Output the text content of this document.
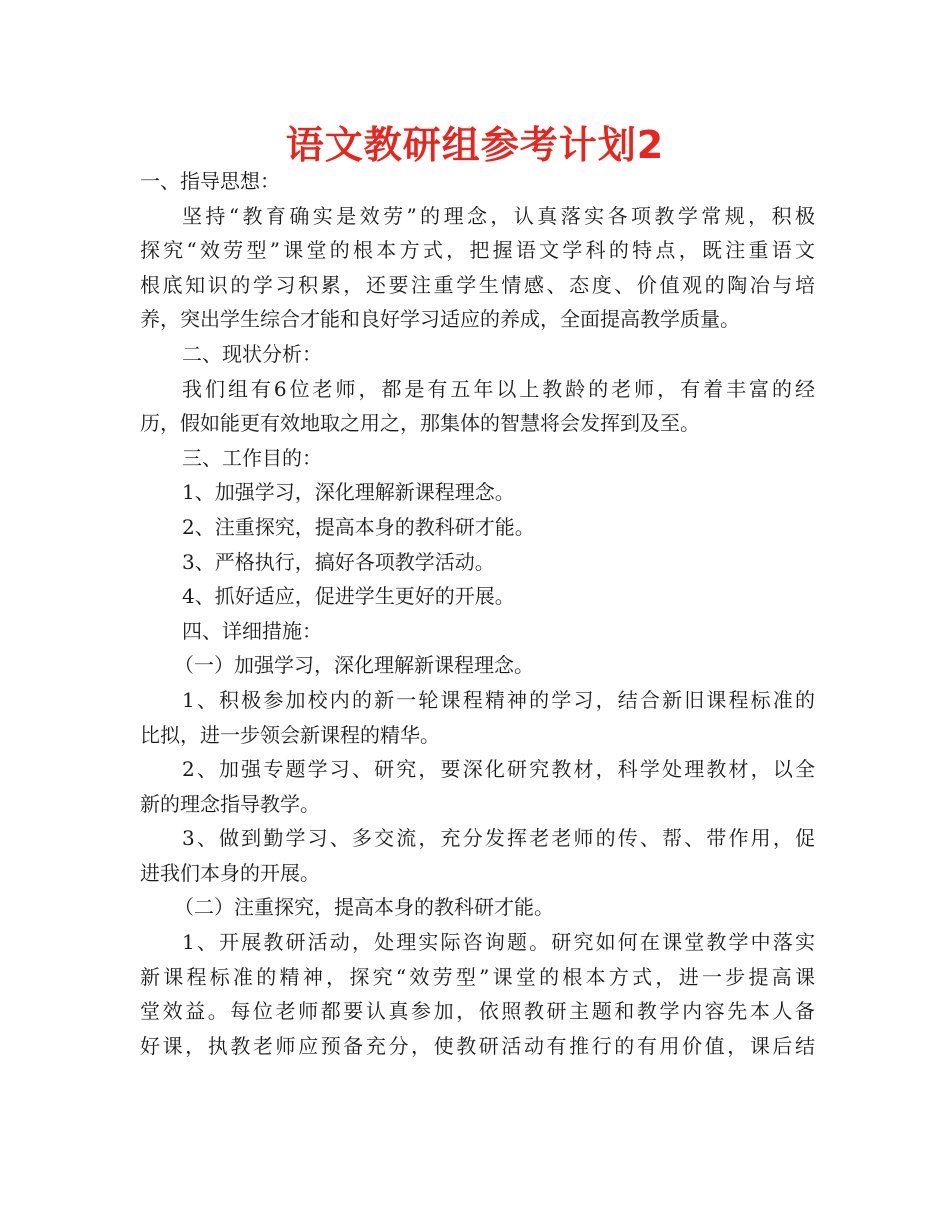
语文教研组参考计划2
一、指导思想：
坚持“教育确实是效劳”的理念，认真落实各项教学常规，积极
探究“效劳型”课堂的根本方式，把握语文学科的特点，既注重语文
根底知识的学习积累，还要注重学生情感、态度、价值观的陶冶与培
养，突出学生综合才能和良好学习适应的养成，全面提高教学质量。
二、现状分析：
我们组有6位老师，都是有五年以上教龄的老师，有着丰富的经
历，假如能更有效地取之用之，那集体的智慧将会发挥到及至。
三、工作目的：
1、加强学习，深化理解新课程理念。
2、注重探究，提高本身的教科研才能。
3、严格执行，搞好各项教学活动。
4、抓好适应，促进学生更好的开展。
四、详细措施：
（一）加强学习，深化理解新课程理念。
1、积极参加校内的新一轮课程精神的学习，结合新旧课程标准的
比拟，进一步领会新课程的精华。
2、加强专题学习、研究，要深化研究教材，科学处理教材，以全
新的理念指导教学。
3、做到勤学习、多交流，充分发挥老老师的传、帮、带作用，促
进我们本身的开展。
（二）注重探究，提高本身的教科研才能。
1、开展教研活动，处理实际咨询题。研究如何在课堂教学中落实
新课程标准的精神，探究“效劳型”课堂的根本方式，进一步提高课
堂效益。每位老师都要认真参加，依照教研主题和教学内容先本人备
好课，执教老师应预备充分，使教研活动有推行的有用价值，课后结
